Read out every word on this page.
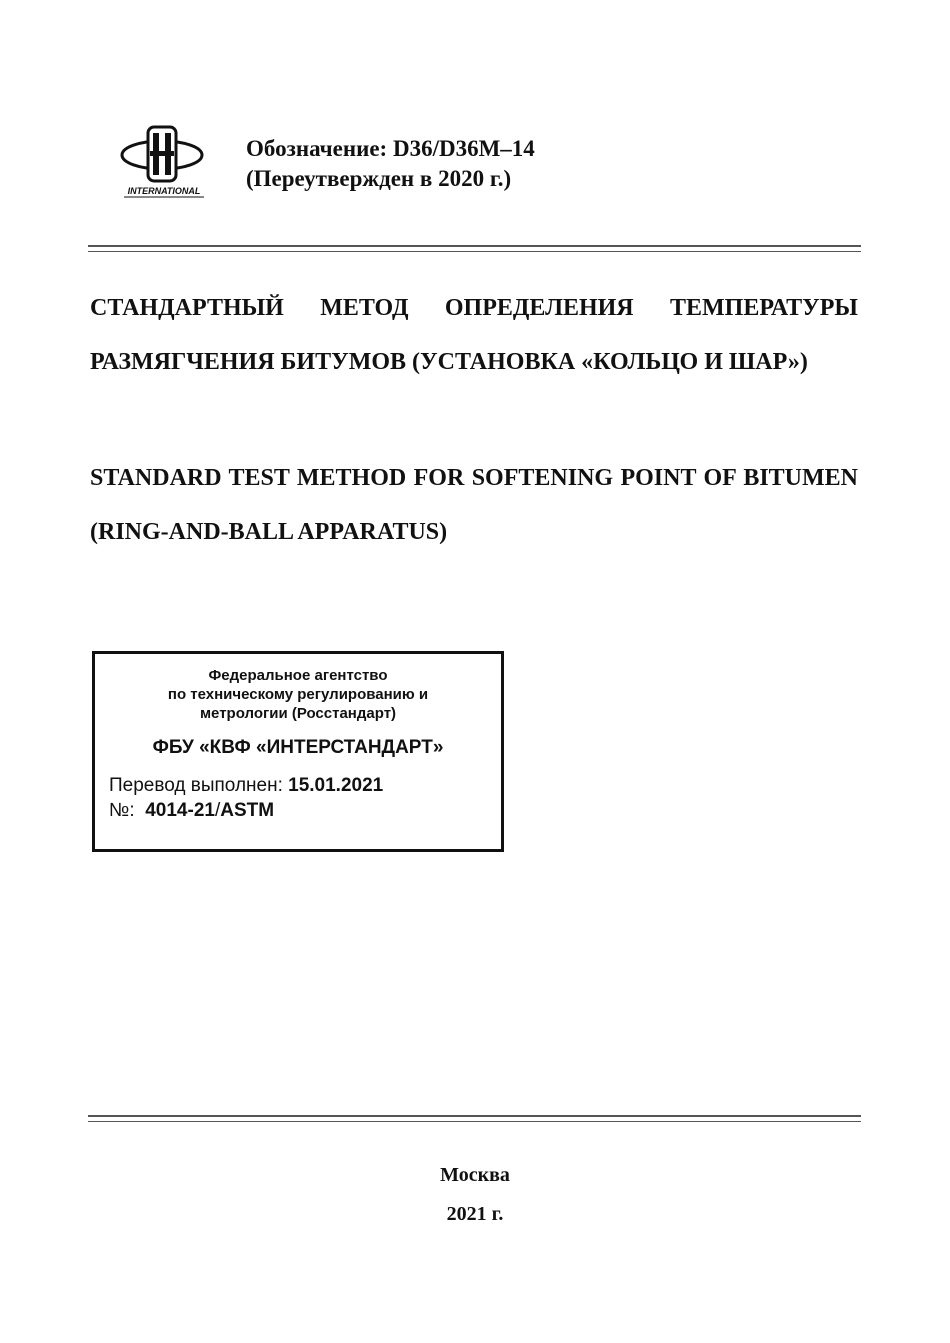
INTERNATIONAL
Обозначение: D36/D36M–14
(Переутвержден в 2020 г.)
СТАНДАРТНЫЙ МЕТОД ОПРЕДЕЛЕНИЯ ТЕМПЕРАТУРЫ РАЗМЯГЧЕНИЯ БИТУМОВ (УСТАНОВКА «КОЛЬЦО И ШАР»)
STANDARD TEST METHOD FOR SOFTENING POINT OF BITUMEN (RING-AND-BALL APPARATUS)
Федеральное агентство
по техническому регулированию и
метрологии (Росстандарт)
ФБУ «КВФ «ИНТЕРСТАНДАРТ»
Перевод выполнен: 15.01.2021
№: 4014-21/ASTM
Москва
2021 г.
